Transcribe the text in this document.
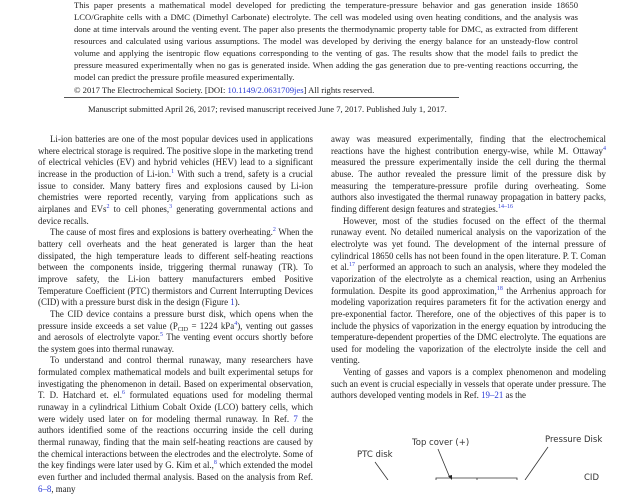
This paper presents a mathematical model developed for predicting the temperature-pressure behavior and gas generation inside 18650 LCO/Graphite cells with a DMC (Dimethyl Carbonate) electrolyte. The cell was modeled using oven heating conditions, and the analysis was done at time intervals around the venting event. The paper also presents the thermodynamic property table for DMC, as extracted from different resources and calculated using various assumptions. The model was developed by deriving the energy balance for an unsteady-flow control volume and applying the isentropic flow equations corresponding to the venting of gas. The results show that the model fails to predict the pressure measured experimentally when no gas is generated inside. When adding the gas generation due to pre-venting reactions occurring, the model can predict the pressure profile measured experimentally.

© 2017 The Electrochemical Society. [DOI: 10.1149/2.0631709jes] All rights reserved.
Manuscript submitted April 26, 2017; revised manuscript received June 7, 2017. Published July 1, 2017.

Li-ion batteries are one of the most popular devices used in applications where electrical storage is required. The positive slope in the marketing trend of electrical vehicles (EV) and hybrid vehicles (HEV) lead to a significant increase in the production of Li-ion.$^1$ With such a trend, safety is a crucial issue to consider. Many battery fires and explosions caused by Li-ion chemistries were reported recently, varying from applications such as airplanes and EVs$^2$ to cell phones,$^3$ generating governmental actions and device recalls.

The cause of most fires and explosions is battery overheating.$^2$ When the battery cell overheats and the heat generated is larger than the heat dissipated, the high temperature leads to different self-heating reactions between the components inside, triggering thermal runaway (TR). To improve safety, the Li-ion battery manufacturers embed Positive Temperature Coefficient (PTC) thermistors and Current Interrupting Devices (CID) with a pressure burst disk in the design (Figure 1).

The CID device contains a pressure burst disk, which opens when the pressure inside exceeds a set value ($P_{CID} = 1224$ kPa$^4$), venting out gasses and aerosols of electrolyte vapor.$^5$ The venting event occurs shortly before the system goes into thermal runaway.

To understand and control thermal runaway, many researchers have formulated complex mathematical models and built experimental setups for investigating the phenomenon in detail. Based on experimental observation, T. D. Hatchard et. el.$^6$ formulated equations used for modeling thermal runaway in a cylindrical Lithium Cobalt Oxide (LCO) battery cells, which were widely used later on for modeling thermal runaway. In Ref. 7 the authors identified some of the reactions occurring inside the cell during thermal runaway, finding that the main self-heating reactions are caused by the chemical interactions between the electrodes and the electrolyte. Some of the key findings were later used by G. Kim et al.,$^8$ which extended the model even further and included thermal analysis. Based on the analysis from Ref. 6–8, many

away was measured experimentally, finding that the electrochemical reactions have the highest contribution energy-wise, while M. Ottaway$^4$ measured the pressure experimentally inside the cell during the thermal abuse. The author revealed the pressure limit of the pressure disk by measuring the temperature-pressure profile during overheating. Some authors also investigated the thermal runaway propagation in battery packs, finding different design features and strategies.$^{14-16}$

However, most of the studies focused on the effect of the thermal runaway event. No detailed numerical analysis on the vaporization of the electrolyte was yet found. The development of the internal pressure of cylindrical 18650 cells has not been found in the open literature. P. T. Coman et al.$^{17}$ performed an approach to such an analysis, where they modeled the vaporization of the electrolyte as a chemical reaction, using an Arrhenius formulation. Despite its good approximation,$^{18}$ the Arrhenius approach for modeling vaporization requires parameters fit for the activation energy and pre-exponential factor. Therefore, one of the objectives of this paper is to include the physics of vaporization in the energy equation by introducing the temperature-dependent properties of the DMC electrolyte. The equations are used for modeling the vaporization of the electrolyte inside the cell and venting.

Venting of gasses and vapors is a complex phenomenon and modeling such an event is crucial especially in vessels that operate under pressure. The authors developed venting models in Ref. 19–21 as the

Top cover (+)	Pressure Disk
PTC disk
CID
